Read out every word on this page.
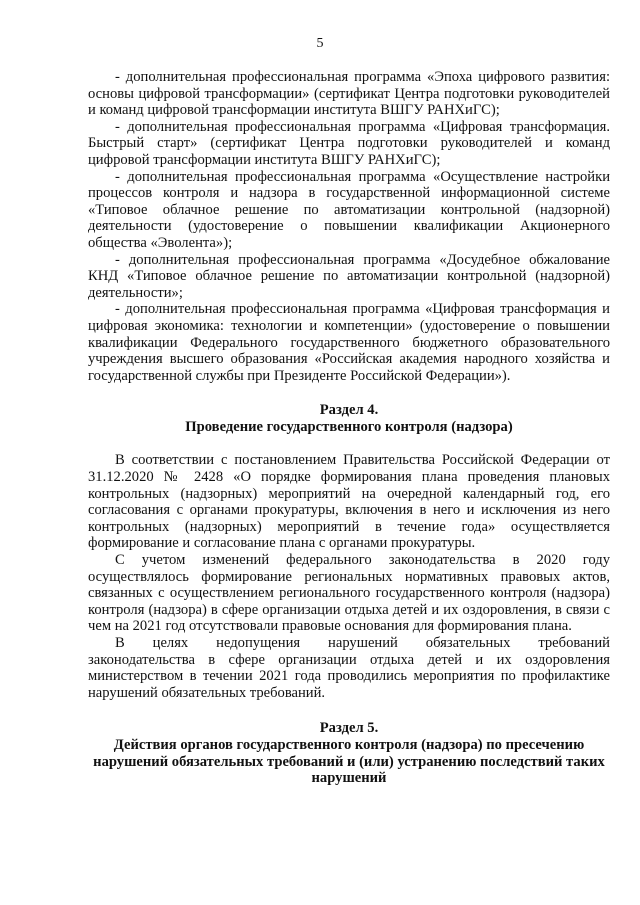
5
- дополнительная профессиональная программа «Эпоха цифрового развития:
основы цифровой трансформации» (сертификат Центра подготовки руководителей
и команд цифровой трансформации института ВШГУ РАНХиГС);
- дополнительная профессиональная программа «Цифровая трансформация.
Быстрый старт» (сертификат Центра подготовки руководителей и команд
цифровой трансформации института ВШГУ РАНХиГС);
- дополнительная профессиональная программа «Осуществление настройки
процессов контроля и надзора в государственной информационной системе
«Типовое облачное решение по автоматизации контрольной (надзорной)
деятельности (удостоверение о повышении квалификации Акционерного
общества «Эволента»);
- дополнительная профессиональная программа «Досудебное обжалование
КНД «Типовое облачное решение по автоматизации контрольной (надзорной)
деятельности»;
- дополнительная профессиональная программа «Цифровая трансформация и
цифровая экономика: технологии и компетенции» (удостоверение о повышении
квалификации Федерального государственного бюджетного образовательного
учреждения высшего образования «Российская академия народного хозяйства и
государственной службы при Президенте Российской Федерации»).
Раздел 4.
Проведение государственного контроля (надзора)
В соответствии с постановлением Правительства Российской Федерации от
31.12.2020 № 2428 «О порядке формирования плана проведения плановых
контрольных (надзорных) мероприятий на очередной календарный год, его
согласования с органами прокуратуры, включения в него и исключения из него
контрольных (надзорных) мероприятий в течение года» осуществляется
формирование и согласование плана с органами прокуратуры.
С учетом изменений федерального законодательства в 2020 году
осуществлялось формирование региональных нормативных правовых актов,
связанных с осуществлением регионального государственного контроля (надзора)
контроля (надзора) в сфере организации отдыха детей и их оздоровления, в связи с
чем на 2021 год отсутствовали правовые основания для формирования плана.
В целях недопущения нарушений обязательных требований
законодательства в сфере организации отдыха детей и их оздоровления
министерством в течении 2021 года проводились мероприятия по профилактике
нарушений обязательных требований.
Раздел 5.
Действия органов государственного контроля (надзора) по пресечению
нарушений обязательных требований и (или) устранению последствий таких
нарушений
